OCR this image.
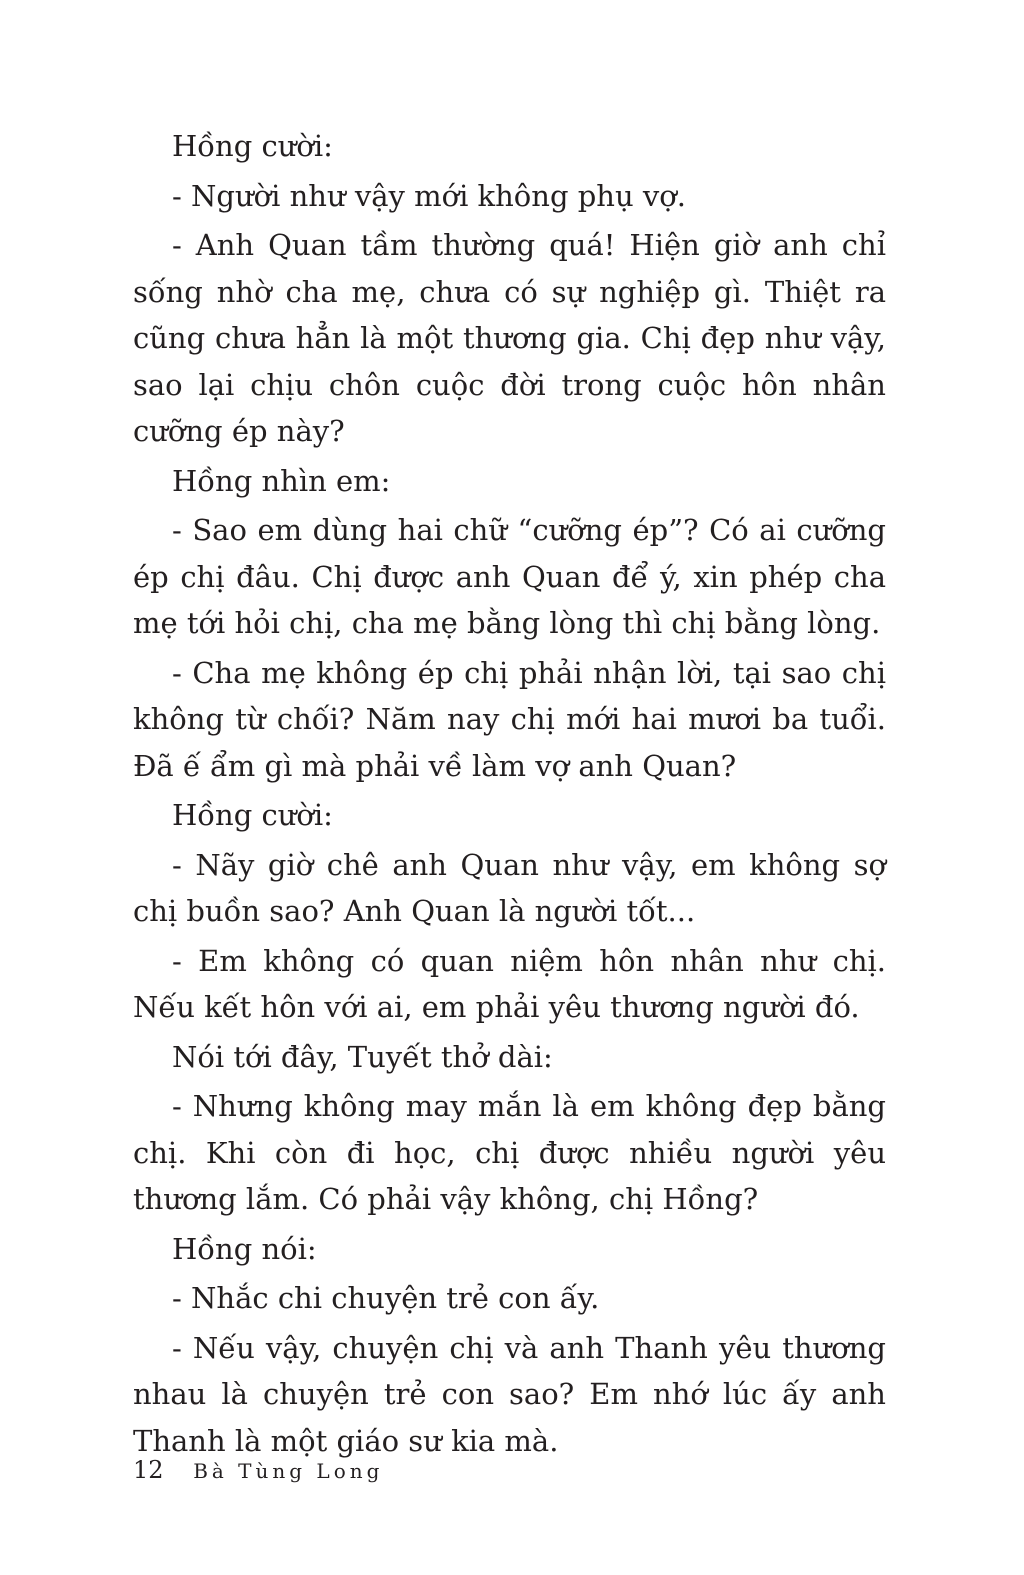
Hồng cười:

- Người như vậy mới không phụ vợ.

- Anh Quan tầm thường quá! Hiện giờ anh chỉ sống nhờ cha mẹ, chưa có sự nghiệp gì. Thiệt ra cũng chưa hẳn là một thương gia. Chị đẹp như vậy, sao lại chịu chôn cuộc đời trong cuộc hôn nhân cưỡng ép này?

Hồng nhìn em:

- Sao em dùng hai chữ “cưỡng ép”? Có ai cưỡng ép chị đâu. Chị được anh Quan để ý, xin phép cha mẹ tới hỏi chị, cha mẹ bằng lòng thì chị bằng lòng.

- Cha mẹ không ép chị phải nhận lời, tại sao chị không từ chối? Năm nay chị mới hai mươi ba tuổi. Đã ế ẩm gì mà phải về làm vợ anh Quan?

Hồng cười:

- Nãy giờ chê anh Quan như vậy, em không sợ chị buồn sao? Anh Quan là người tốt...

- Em không có quan niệm hôn nhân như chị. Nếu kết hôn với ai, em phải yêu thương người đó.

Nói tới đây, Tuyết thở dài:

- Nhưng không may mắn là em không đẹp bằng chị. Khi còn đi học, chị được nhiều người yêu thương lắm. Có phải vậy không, chị Hồng?

Hồng nói:

- Nhắc chi chuyện trẻ con ấy.

- Nếu vậy, chuyện chị và anh Thanh yêu thương nhau là chuyện trẻ con sao? Em nhớ lúc ấy anh Thanh là một giáo sư kia mà.

12 Bà Tùng Long
